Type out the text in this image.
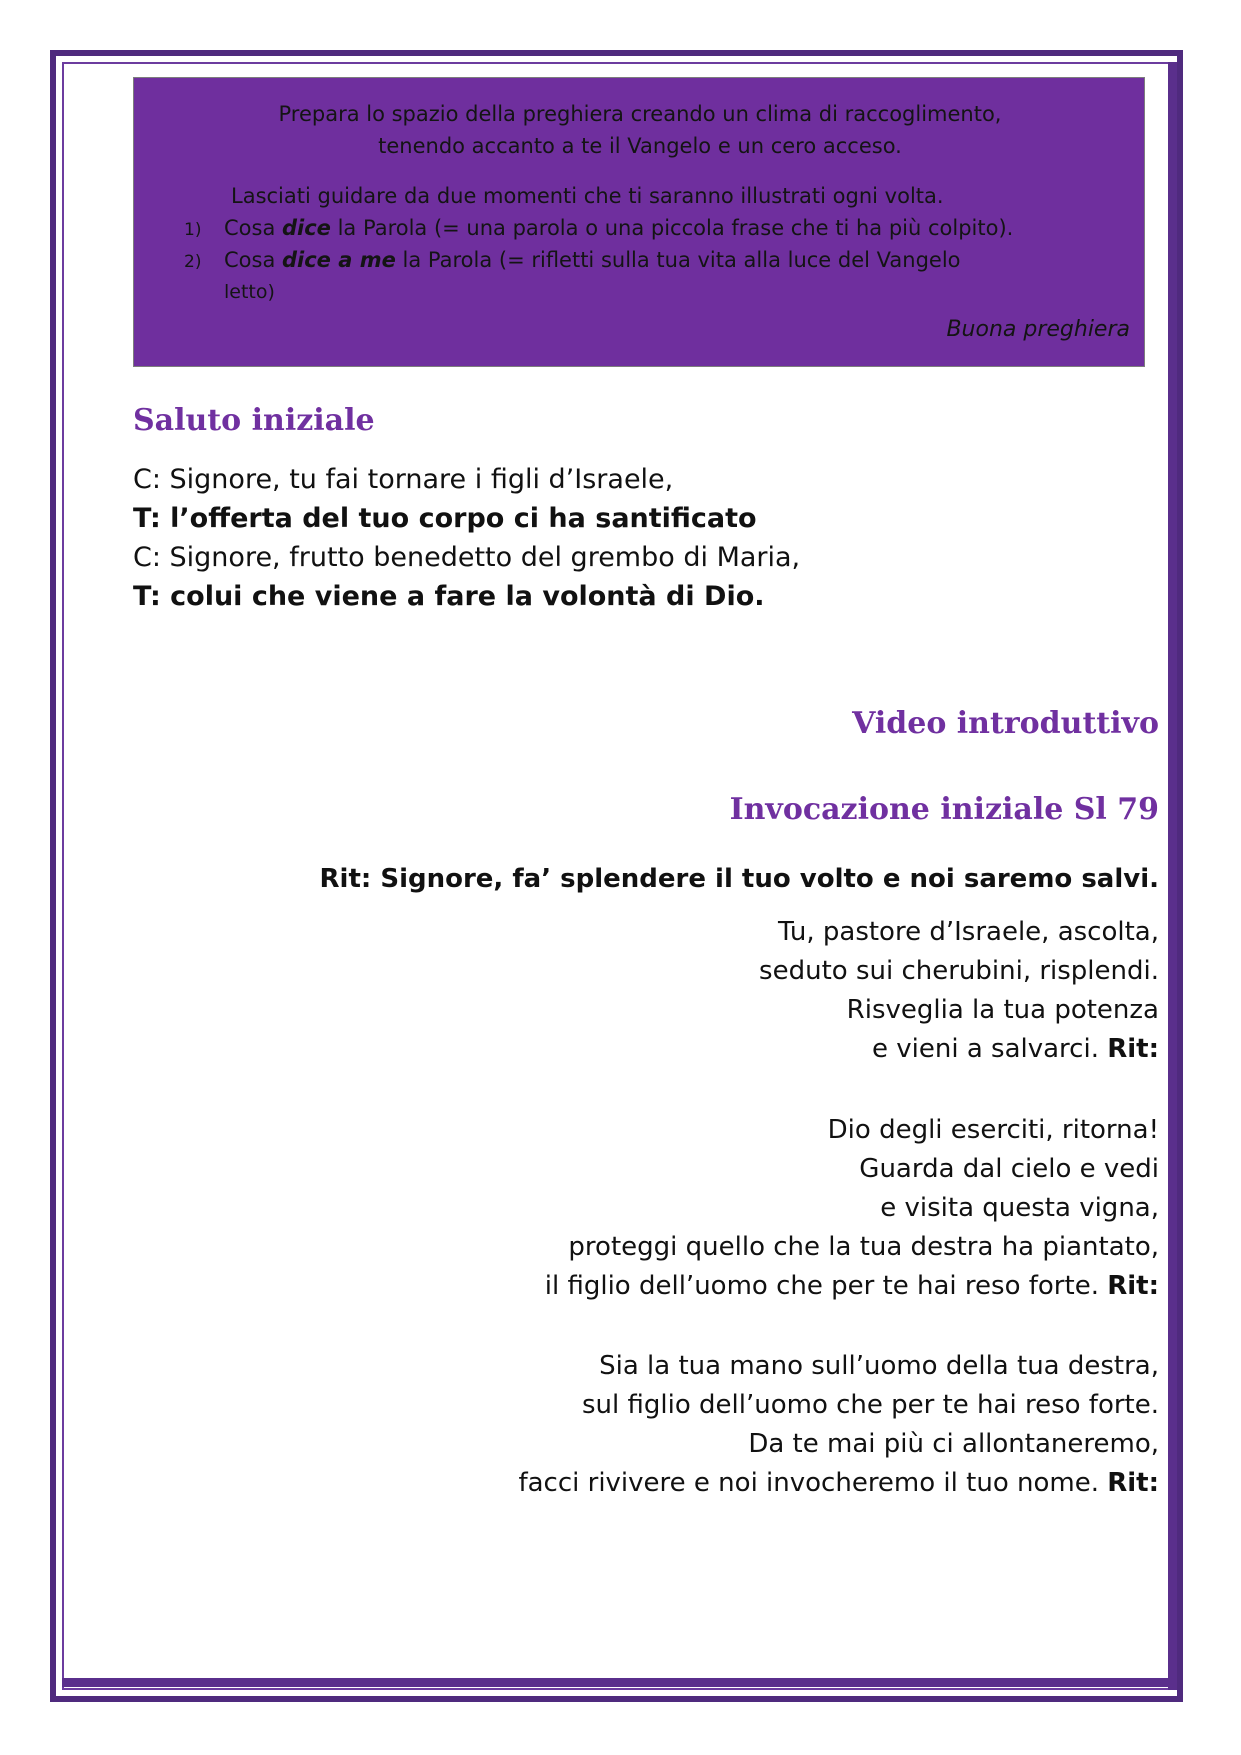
Prepara lo spazio della preghiera creando un clima di raccoglimento,
tenendo accanto a te il Vangelo e un cero acceso.
Lasciati guidare da due momenti che ti saranno illustrati ogni volta.
1) Cosa dice la Parola (= una parola o una piccola frase che ti ha più colpito).
2) Cosa dice a me la Parola (= rifletti sulla tua vita alla luce del Vangelo
letto)
Buona preghiera
Saluto iniziale
C: Signore, tu fai tornare i figli d’Israele,
T: l’offerta del tuo corpo ci ha santificato
C: Signore, frutto benedetto del grembo di Maria,
T: colui che viene a fare la volontà di Dio.
Video introduttivo
Invocazione iniziale Sl 79
Rit: Signore, fa’ splendere il tuo volto e noi saremo salvi.
Tu, pastore d’Israele, ascolta,
seduto sui cherubini, risplendi.
Risveglia la tua potenza
e vieni a salvarci. Rit:
Dio degli eserciti, ritorna!
Guarda dal cielo e vedi
e visita questa vigna,
proteggi quello che la tua destra ha piantato,
il figlio dell’uomo che per te hai reso forte. Rit:
Sia la tua mano sull’uomo della tua destra,
sul figlio dell’uomo che per te hai reso forte.
Da te mai più ci allontaneremo,
facci rivivere e noi invocheremo il tuo nome. Rit:
